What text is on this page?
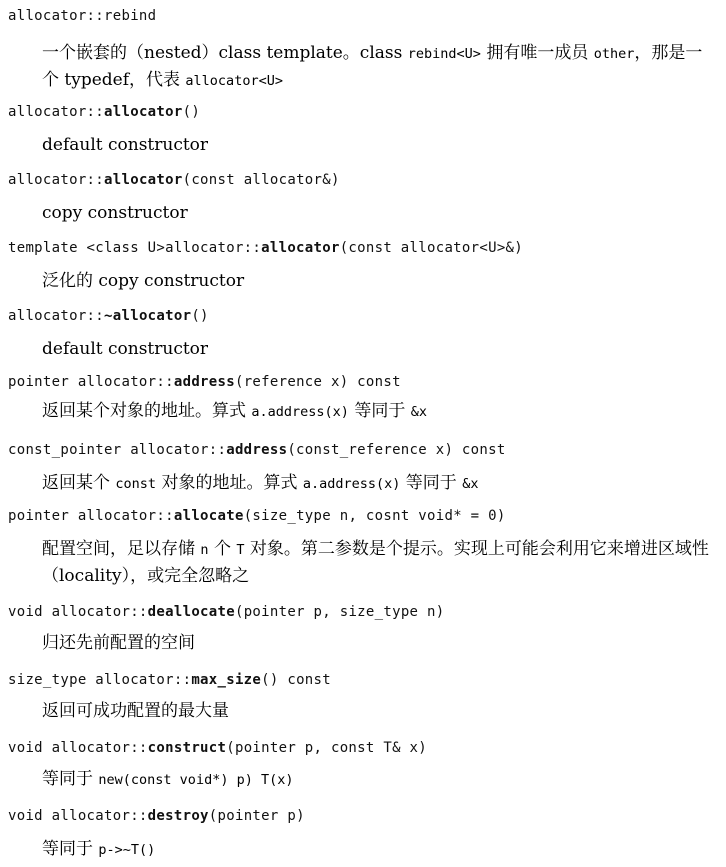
allocator::rebind
一个嵌套的（nested）class template。class rebind<U> 拥有唯一成员 other，那是一个 typedef，代表 allocator<U>
allocator::allocator()
default constructor
allocator::allocator(const allocator&)
copy constructor
template <class U>allocator::allocator(const allocator<U>&)
泛化的 copy constructor
allocator::~allocator()
default constructor
pointer allocator::address(reference x) const
返回某个对象的地址。算式 a.address(x) 等同于 &x
const_pointer allocator::address(const_reference x) const
返回某个 const 对象的地址。算式 a.address(x) 等同于 &x
pointer allocator::allocate(size_type n, cosnt void* = 0)
配置空间，足以存储 n 个 T 对象。第二参数是个提示。实现上可能会利用它来增进区域性（locality），或完全忽略之
void allocator::deallocate(pointer p, size_type n)
归还先前配置的空间
size_type allocator::max_size() const
返回可成功配置的最大量
void allocator::construct(pointer p, const T& x)
等同于 new(const void*) p) T(x)
void allocator::destroy(pointer p)
等同于 p->~T()
